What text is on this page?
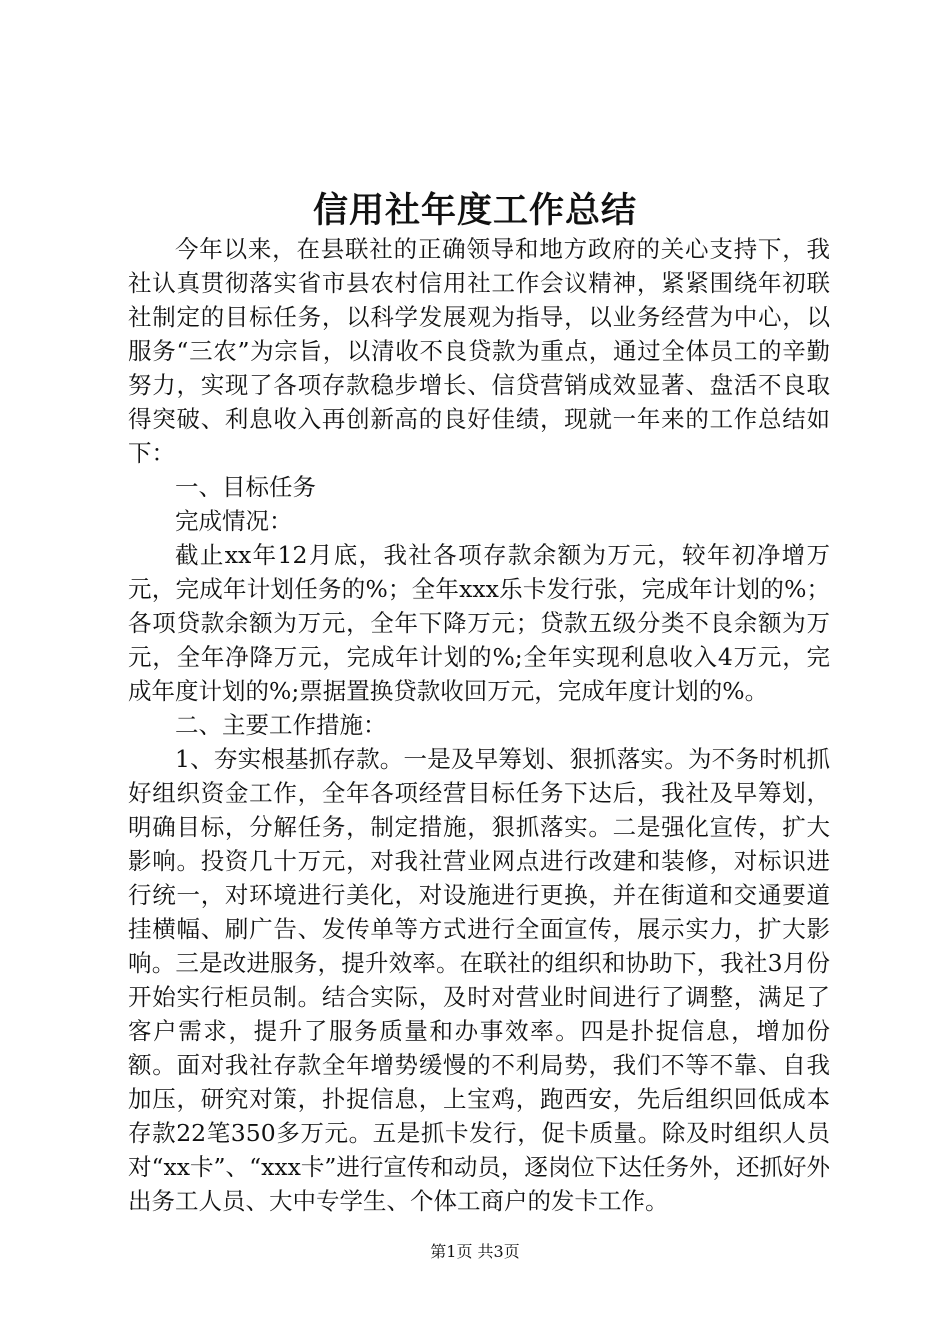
信用社年度工作总结

今年以来，在县联社的正确领导和地方政府的关心支持下，我社认真贯彻落实省市县农村信用社工作会议精神，紧紧围绕年初联社制定的目标任务，以科学发展观为指导，以业务经营为中心，以服务“三农”为宗旨，以清收不良贷款为重点，通过全体员工的辛勤努力，实现了各项存款稳步增长、信贷营销成效显著、盘活不良取得突破、利息收入再创新高的良好佳绩，现就一年来的工作总结如下：

一、目标任务

完成情况：

截止xx年12月底，我社各项存款余额为万元，较年初净增万元，完成年计划任务的%；全年xxx乐卡发行张，完成年计划的%；各项贷款余额为万元，全年下降万元；贷款五级分类不良余额为万元，全年净降万元，完成年计划的%;全年实现利息收入4万元，完成年度计划的%;票据置换贷款收回万元，完成年度计划的%。

二、主要工作措施：

1、夯实根基抓存款。一是及早筹划、狠抓落实。为不务时机抓好组织资金工作，全年各项经营目标任务下达后，我社及早筹划，明确目标，分解任务，制定措施，狠抓落实。二是强化宣传，扩大影响。投资几十万元，对我社营业网点进行改建和装修，对标识进行统一，对环境进行美化，对设施进行更换，并在街道和交通要道挂横幅、刷广告、发传单等方式进行全面宣传，展示实力，扩大影响。三是改进服务，提升效率。在联社的组织和协助下，我社3月份开始实行柜员制。结合实际，及时对营业时间进行了调整，满足了客户需求，提升了服务质量和办事效率。四是扑捉信息，增加份额。面对我社存款全年增势缓慢的不利局势，我们不等不靠、自我加压，研究对策，扑捉信息，上宝鸡，跑西安，先后组织回低成本存款22笔350多万元。五是抓卡发行，促卡质量。除及时组织人员对“xx卡”、“xxx卡”进行宣传和动员，逐岗位下达任务外，还抓好外出务工人员、大中专学生、个体工商户的发卡工作。

第1页 共3页
